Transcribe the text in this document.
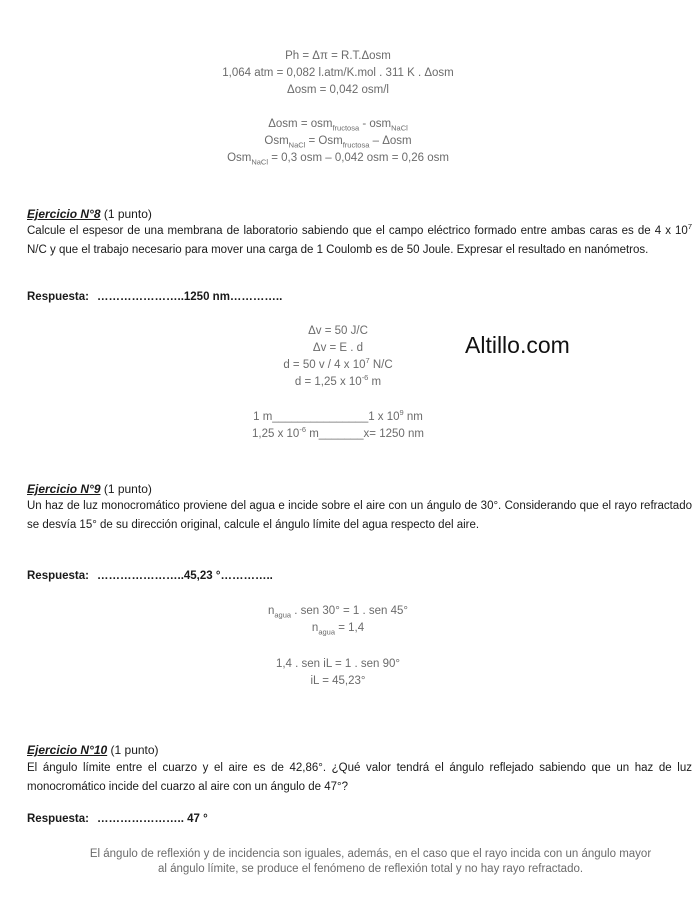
Ph = Δπ = R.T.Δosm
1,064 atm = 0,082 l.atm/K.mol . 311 K . Δosm
Δosm = 0,042 osm/l
Δosm = osm$_{fructosa}$ - osm$_{NaCl}$
Osm$_{NaCl}$ = Osm$_{fructosa}$ – Δosm
Osm$_{NaCl}$ = 0,3 osm – 0,042 osm = 0,26 osm
Ejercicio N°8 (1 punto)
Calcule el espesor de una membrana de laboratorio sabiendo que el campo eléctrico formado entre ambas caras es de 4 x $10^7$ N/C y que el trabajo necesario para mover una carga de 1 Coulomb es de 50 Joule. Expresar el resultado en nanómetros.
Respuesta: …………………..1250 nm…………..
Δv = 50 J/C
Δv = E . d
d = 50 v / 4 x $10^7$ N/C
d = 1,25 x $10^{-6}$ m
1 m_______________1 x $10^9$ nm
1,25 x $10^{-6}$ m_______x= 1250 nm
Altillo.com
Ejercicio N°9 (1 punto)
Un haz de luz monocromático proviene del agua e incide sobre el aire con un ángulo de 30°. Considerando que el rayo refractado se desvía 15° de su dirección original, calcule el ángulo límite del agua respecto del aire.
Respuesta: …………………..45,23 °…………..
$n_{agua}$ . sen 30° = 1 . sen 45°
$n_{agua} = 1,4$
1,4 . sen iL = 1 . sen 90°
iL = 45,23°
Ejercicio N°10 (1 punto)
El ángulo límite entre el cuarzo y el aire es de 42,86°. ¿Qué valor tendrá el ángulo reflejado sabiendo que un haz de luz monocromático incide del cuarzo al aire con un ángulo de 47°?
Respuesta: ………………….. 47 °
El ángulo de reflexión y de incidencia son iguales, además, en el caso que el rayo incida con un ángulo mayor al ángulo límite, se produce el fenómeno de reflexión total y no hay rayo refractado.
